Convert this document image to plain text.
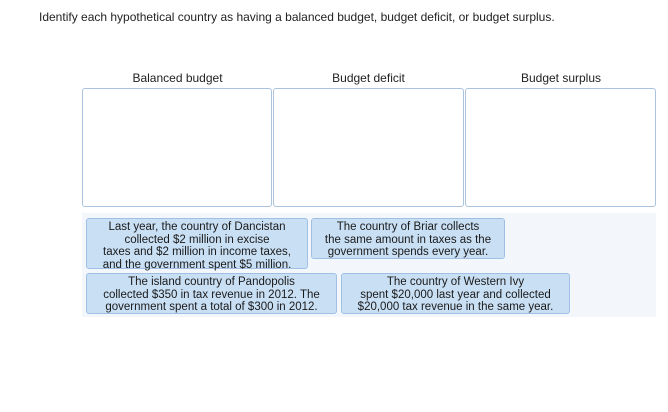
Identify each hypothetical country as having a balanced budget, budget deficit, or budget surplus.
Balanced budget	Budget deficit	Budget surplus
Last year, the country of Dancistan
collected $2 million in excise
taxes and $2 million in income taxes,
and the government spent $5 million.
The country of Briar collects
the same amount in taxes as the
government spends every year.
The island country of Pandopolis
collected $350 in tax revenue in 2012. The
government spent a total of $300 in 2012.
The country of Western Ivy
spent $20,000 last year and collected
$20,000 tax revenue in the same year.
